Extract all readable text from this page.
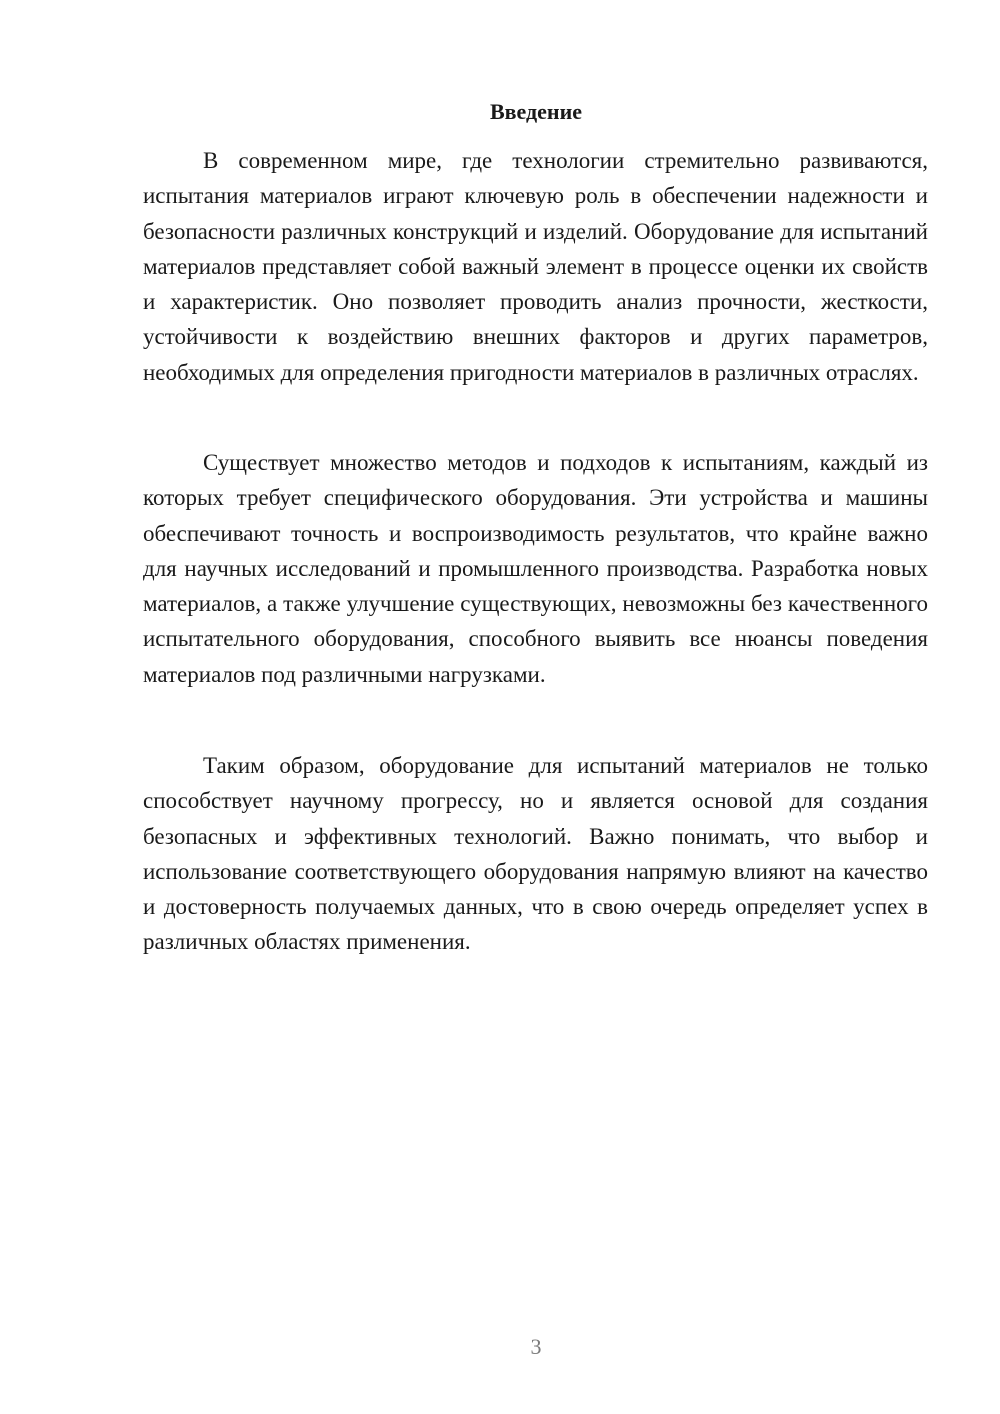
Введение

В современном мире, где технологии стремительно развиваются, испытания материалов играют ключевую роль в обеспечении надежности и безопасности различных конструкций и изделий. Оборудование для испытаний материалов представляет собой важный элемент в процессе оценки их свойств и характеристик. Оно позволяет проводить анализ прочности, жесткости, устойчивости к воздействию внешних факторов и других параметров, необходимых для определения пригодности материалов в различных отраслях.

Существует множество методов и подходов к испытаниям, каждый из которых требует специфического оборудования. Эти устройства и машины обеспечивают точность и воспроизводимость результатов, что крайне важно для научных исследований и промышленного производства. Разработка новых материалов, а также улучшение существующих, невозможны без качественного испытательного оборудования, способного выявить все нюансы поведения материалов под различными нагрузками.

Таким образом, оборудование для испытаний материалов не только способствует научному прогрессу, но и является основой для создания безопасных и эффективных технологий. Важно понимать, что выбор и использование соответствующего оборудования напрямую влияют на качество и достоверность получаемых данных, что в свою очередь определяет успех в различных областях применения.

3
